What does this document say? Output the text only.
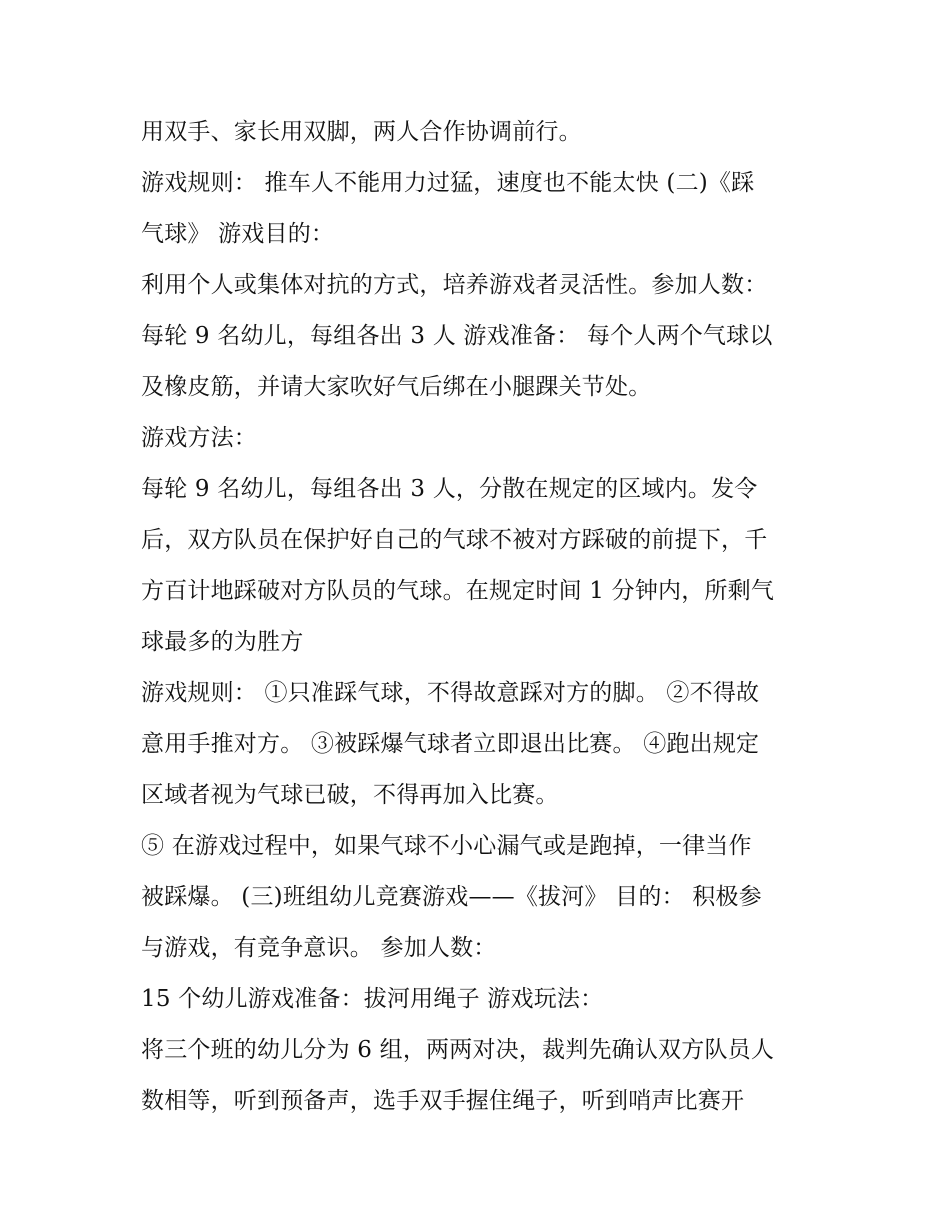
用双手、家长用双脚，两人合作协调前行。
游戏规则： 推车人不能用力过猛，速度也不能太快 (二)《踩
气球》 游戏目的：
利用个人或集体对抗的方式，培养游戏者灵活性。参加人数：
每轮 9 名幼儿，每组各出 3 人 游戏准备： 每个人两个气球以
及橡皮筋，并请大家吹好气后绑在小腿踝关节处。
游戏方法：
每轮 9 名幼儿，每组各出 3 人，分散在规定的区域内。发令
后，双方队员在保护好自己的气球不被对方踩破的前提下，千
方百计地踩破对方队员的气球。在规定时间 1 分钟内，所剩气
球最多的为胜方
游戏规则： ①只准踩气球，不得故意踩对方的脚。 ②不得故
意用手推对方。 ③被踩爆气球者立即退出比赛。 ④跑出规定
区域者视为气球已破，不得再加入比赛。
⑤ 在游戏过程中，如果气球不小心漏气或是跑掉，一律当作
被踩爆。 (三)班组幼儿竞赛游戏——《拔河》 目的： 积极参
与游戏，有竞争意识。 参加人数：
15 个幼儿游戏准备：拔河用绳子 游戏玩法：
将三个班的幼儿分为 6 组，两两对决，裁判先确认双方队员人
数相等，听到预备声，选手双手握住绳子，听到哨声比赛开
